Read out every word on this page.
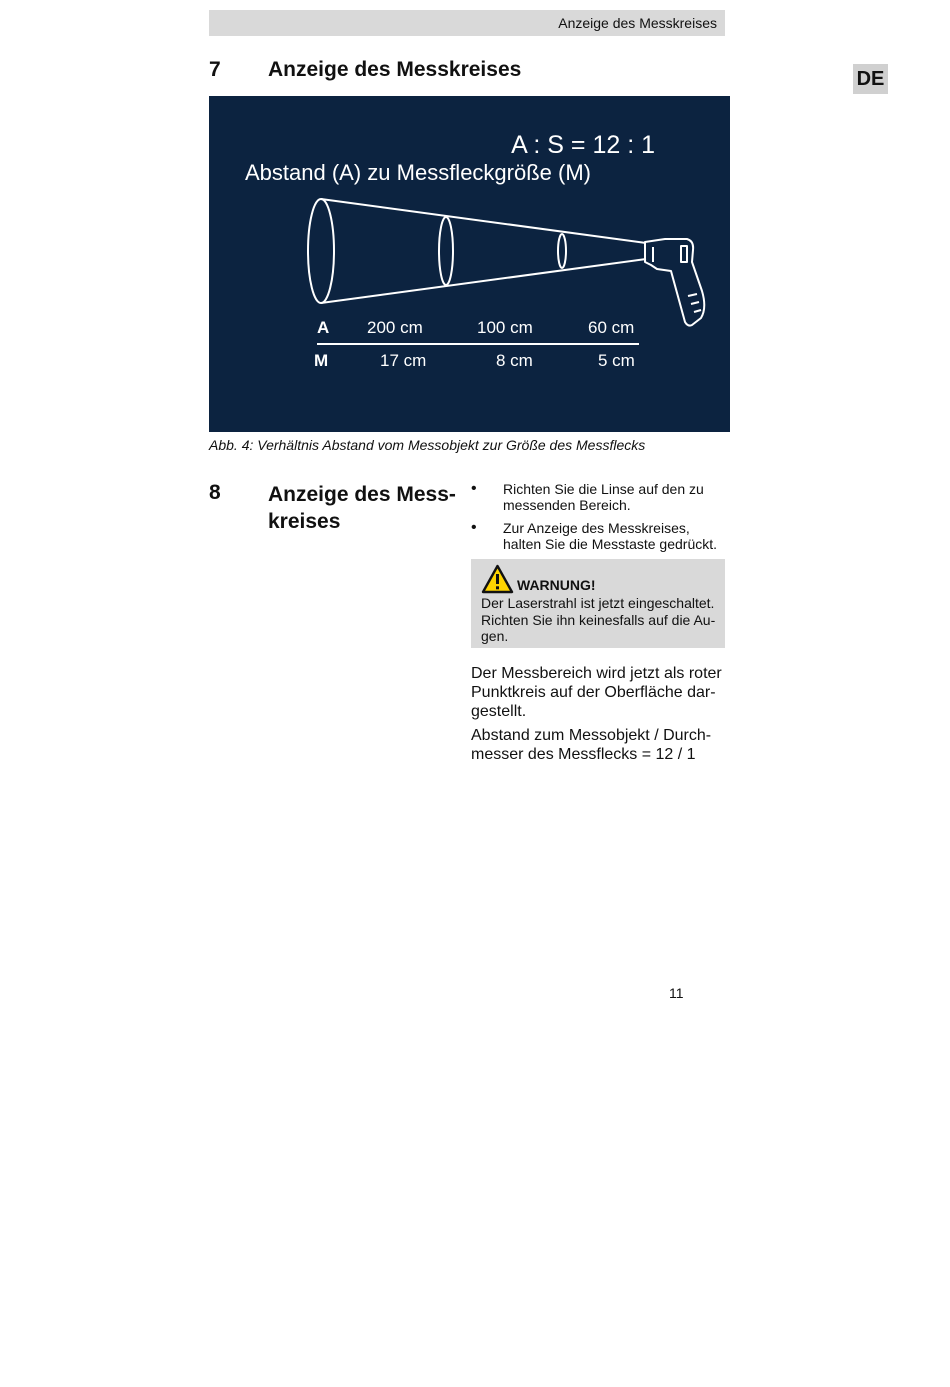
Anzeige des Messkreises
DE
7 Anzeige des Messkreises
A : S = 12 : 1
Abstand (A) zu Messfleckgröße (M)
A 200 cm	100 cm	60 cm
M	17 cm	8 cm	5 cm
Abb. 4: Verhältnis Abstand vom Messobjekt zur Größe des Messflecks
8 Anzeige des Mess-
kreises
• Richten Sie die Linse auf den zu messenden Bereich.
• Zur Anzeige des Messkreises, halten Sie die Messtaste gedrückt.
WARNUNG!
Der Laserstrahl ist jetzt eingeschaltet. Richten Sie ihn keinesfalls auf die Au-gen.

Der Messbereich wird jetzt als roter Punktkreis auf der Oberfläche dar-gestellt.

Abstand zum Messobjekt / Durch-messer des Messflecks = 12 / 1

11
